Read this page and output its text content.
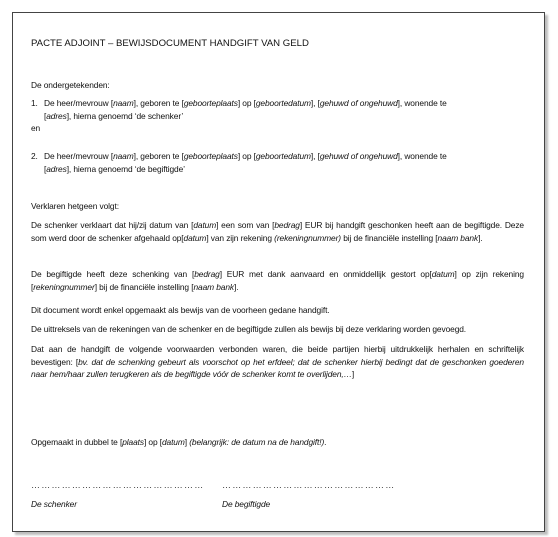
PACTE ADJOINT – BEWIJSDOCUMENT HANDGIFT VAN GELD
De ondergetekenden:
1. De heer/mevrouw [naam], geboren te [geboorteplaats] op [geboortedatum], [gehuwd of ongehuwd], wonende te
[adres], hierna genoemd ‘de schenker’
en
2. De heer/mevrouw [naam], geboren te [geboorteplaats] op [geboortedatum], [gehuwd of ongehuwd], wonende te
[adres], hierna genoemd ‘de begiftigde’
Verklaren hetgeen volgt:
De schenker verklaart dat hij/zij datum van [datum] een som van [bedrag] EUR bij handgift geschonken heeft aan de begiftigde. Deze som werd door de schenker afgehaald op[datum] van zijn rekening (rekeningnummer) bij de financiële instelling [naam bank].
De begiftigde heeft deze schenking van [bedrag] EUR met dank aanvaard en onmiddellijk gestort op[datum] op zijn rekening [rekeningnummer] bij de financiële instelling [naam bank].
Dit document wordt enkel opgemaakt als bewijs van de voorheen gedane handgift.
De uittreksels van de rekeningen van de schenker en de begiftigde zullen als bewijs bij deze verklaring worden gevoegd.
Dat aan de handgift de volgende voorwaarden verbonden waren, die beide partijen hierbij uitdrukkelijk herhalen en schriftelijk bevestigen: [bv. dat de schenking gebeurt als voorschot op het erfdeel; dat de schenker hierbij bedingt dat de geschonken goederen naar hem/haar zullen terugkeren als de begiftigde vóór de schenker komt te overlijden,…]
Opgemaakt in dubbel te [plaats] op [datum] (belangrijk: de datum na de handgift!).
…………………………………………… ……………………………………………
De schenker	De begiftigde
